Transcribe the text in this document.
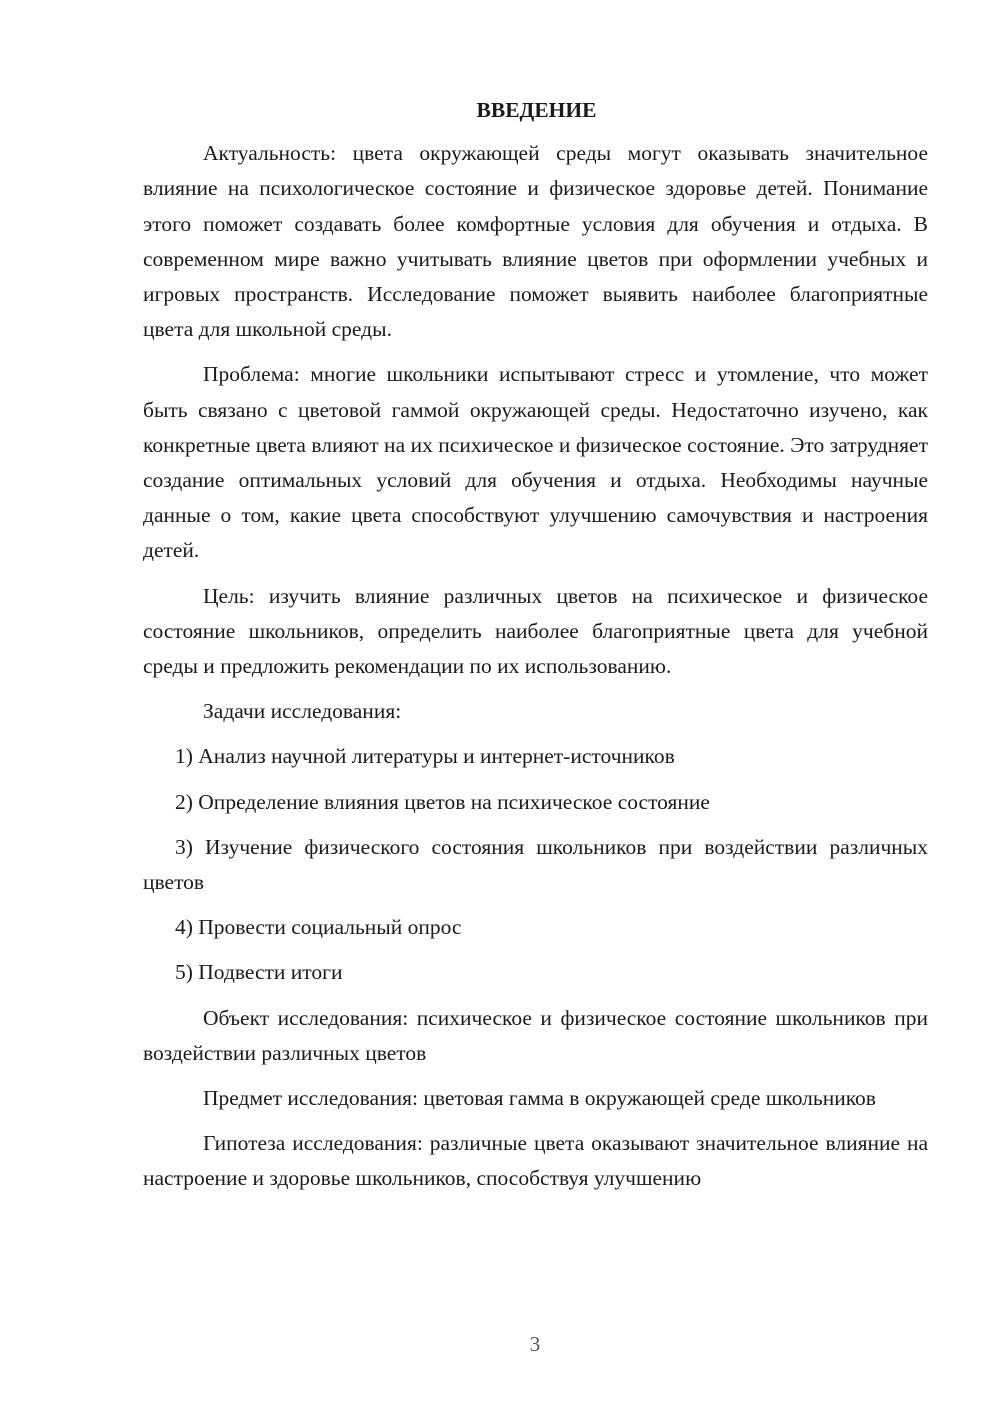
ВВЕДЕНИЕ

Актуальность: цвета окружающей среды могут оказывать значительное влияние на психологическое состояние и физическое здоровье детей. Понимание этого поможет создавать более комфортные условия для обучения и отдыха. В современном мире важно учитывать влияние цветов при оформлении учебных и игровых пространств. Исследование поможет выявить наиболее благоприятные цвета для школьной среды.

Проблема: многие школьники испытывают стресс и утомление, что может быть связано с цветовой гаммой окружающей среды. Недостаточно изучено, как конкретные цвета влияют на их психическое и физическое состояние. Это затрудняет создание оптимальных условий для обучения и отдыха. Необходимы научные данные о том, какие цвета способствуют улучшению самочувствия и настроения детей.

Цель: изучить влияние различных цветов на психическое и физическое состояние школьников, определить наиболее благоприятные цвета для учебной среды и предложить рекомендации по их использованию.

Задачи исследования:

1) Анализ научной литературы и интернет-источников

2) Определение влияния цветов на психическое состояние

3) Изучение физического состояния школьников при воздействии различных цветов

4) Провести социальный опрос

5) Подвести итоги

Объект исследования: психическое и физическое состояние школьников при воздействии различных цветов

Предмет исследования: цветовая гамма в окружающей среде школьников

Гипотеза исследования: различные цвета оказывают значительное влияние на настроение и здоровье школьников, способствуя улучшению

3
